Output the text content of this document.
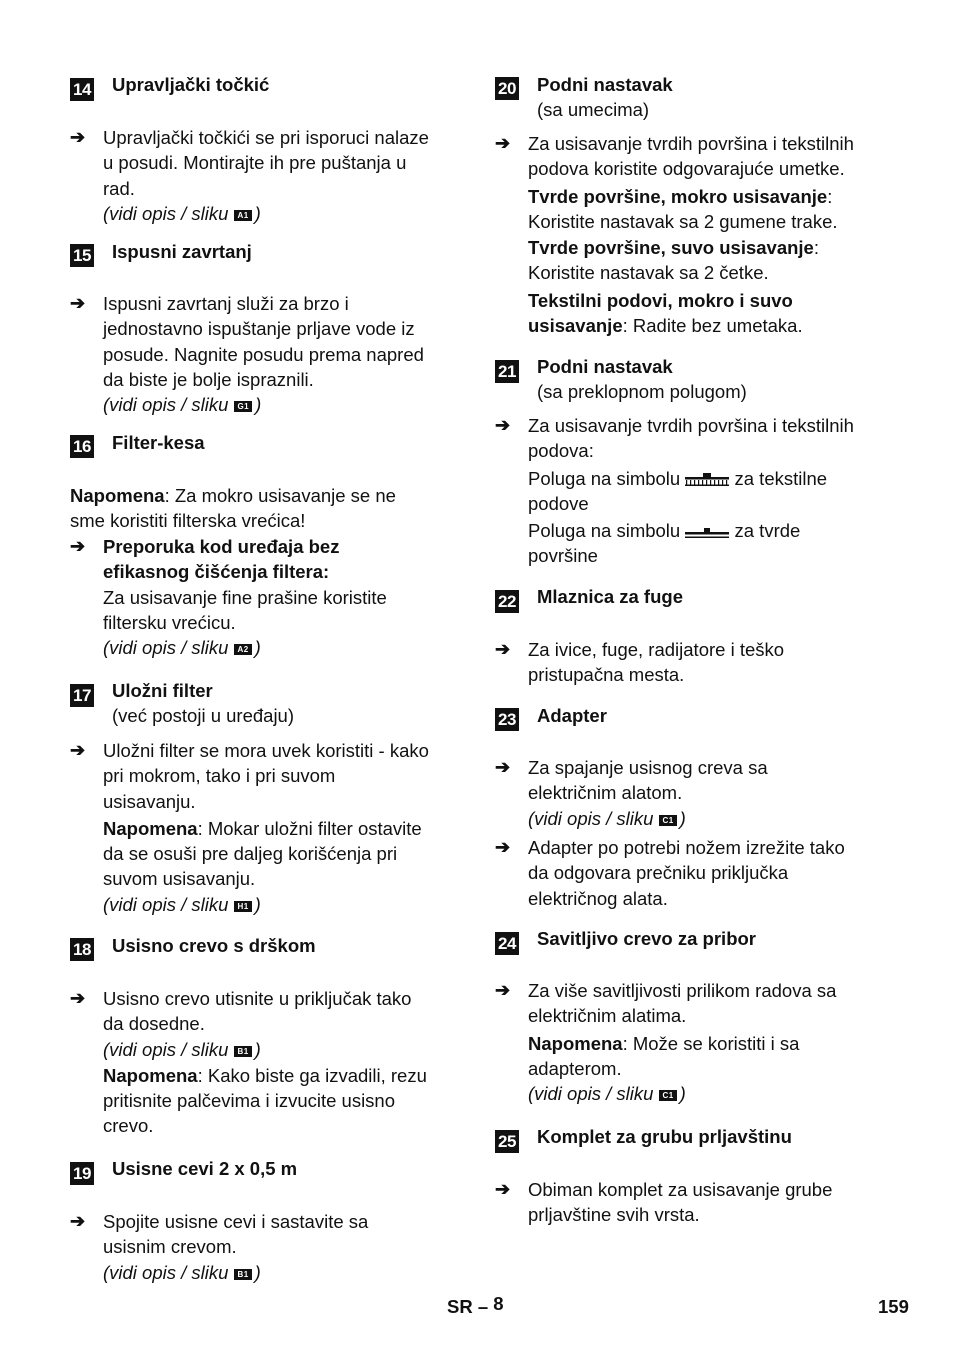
14 Upravljački točkić
➔ Upravljački točkići se pri isporuci nalaze
u posudi. Montirajte ih pre puštanja u
rad.
(vidi opis / sliku A1 )
15 Ispusni zavrtanj
➔ Ispusni zavrtanj služi za brzo i
jednostavno ispuštanje prljave vode iz
posude. Nagnite posudu prema napred
da biste je bolje ispraznili.
(vidi opis / sliku G1 )
16 Filter-kesa
Napomena: Za mokro usisavanje se ne
sme koristiti filterska vrećica!
➔ Preporuka kod uređaja bez
efikasnog čišćenja filtera:
Za usisavanje fine prašine koristite
filtersku vrećicu.
(vidi opis / sliku A2 )
17 Uložni filter
(već postoji u uređaju)
➔ Uložni filter se mora uvek koristiti - kako
pri mokrom, tako i pri suvom
usisavanju.
Napomena: Mokar uložni filter ostavite
da se osuši pre daljeg korišćenja pri
suvom usisavanju.
(vidi opis / sliku H1 )
18 Usisno crevo s drškom
➔ Usisno crevo utisnite u priključak tako
da dosedne.
(vidi opis / sliku B1 )
Napomena: Kako biste ga izvadili, rezu
pritisnite palčevima i izvucite usisno
crevo.
19 Usisne cevi 2 x 0,5 m
➔ Spojite usisne cevi i sastavite sa
usisnim crevom.
(vidi opis / sliku B1 )
20 Podni nastavak
(sa umecima)
➔ Za usisavanje tvrdih površina i tekstilnih
podova koristite odgovarajuće umetke.
Tvrde površine, mokro usisavanje:
Koristite nastavak sa 2 gumene trake.
Tvrde površine, suvo usisavanje:
Koristite nastavak sa 2 četke.
Tekstilni podovi, mokro i suvo
usisavanje: Radite bez umetaka.
21 Podni nastavak
(sa preklopnom polugom)
➔ Za usisavanje tvrdih površina i tekstilnih
podova:
Poluga na simbolu	za tekstilne
podove
Poluga na simbolu	za tvrde
površine
22 Mlaznica za fuge
➔ Za ivice, fuge, radijatore i teško
pristupačna mesta.
23 Adapter
➔ Za spajanje usisnog creva sa
električnim alatom.
(vidi opis / sliku C1 )
➔ Adapter po potrebi nožem izrežite tako
da odgovara prečniku priključka
električnog alata.
24 Savitljivo crevo za pribor
➔ Za više savitljivosti prilikom radova sa
električnim alatima.
Napomena: Može se koristiti i sa
adapterom.
(vidi opis / sliku C1 )
25 Komplet za grubu prljavštinu
➔ Obiman komplet za usisavanje grube
prljavštine svih vrsta.
SR – 8	159
